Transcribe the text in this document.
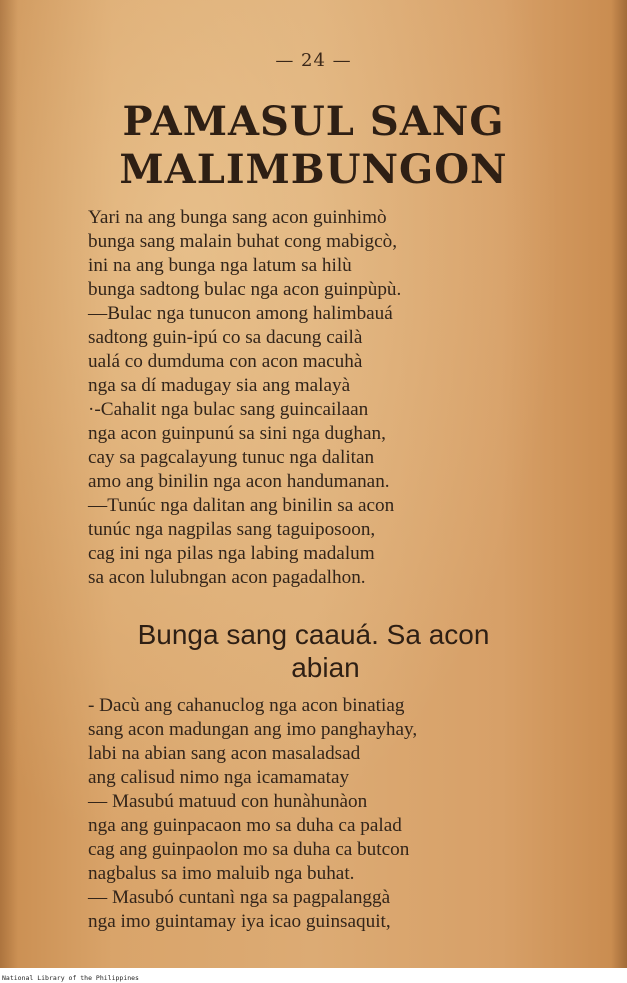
— 24 —
PAMASUL SANG
MALIMBUNGON
Yari na ang bunga sang acon guinhimò
bunga sang malain buhat cong mabigcò,
ini na ang bunga nga latum sa hilù
bunga sadtong bulac nga acon guinpùpù.
—Bulac nga tunucon among halimbauá
sadtong guin-ipú co sa dacung cailà
ualá co dumduma con acon macuhà
nga sa dí madugay sia ang malayà
·-Cahalit nga bulac sang guincailaan
nga acon guinpunú sa sini nga dughan,
cay sa pagcalayung tunuc nga dalitan
amo ang binilin nga acon handumanan.
—Tunúc nga dalitan ang binilin sa acon
tunúc nga nagpilas sang taguiposoon,
cag ini nga pilas nga labing madalum
sa acon lulubngan acon pagadalhon.
Bunga sang caauá. Sa acon
abian
- Dacù ang cahanuclog nga acon binatiag
sang acon madungan ang imo panghayhay,
labi na abian sang acon masaladsad
ang calisud nimo nga icamamatay
— Masubú matuud con hunàhunàon
nga ang guinpacaon mo sa duha ca palad
cag ang guinpaolon mo sa duha ca butcon
nagbalus sa imo maluib nga buhat.
— Masubó cuntanì nga sa pagpalanggà
nga imo guintamay iya icao guinsaquit,
National Library of the Philippines
